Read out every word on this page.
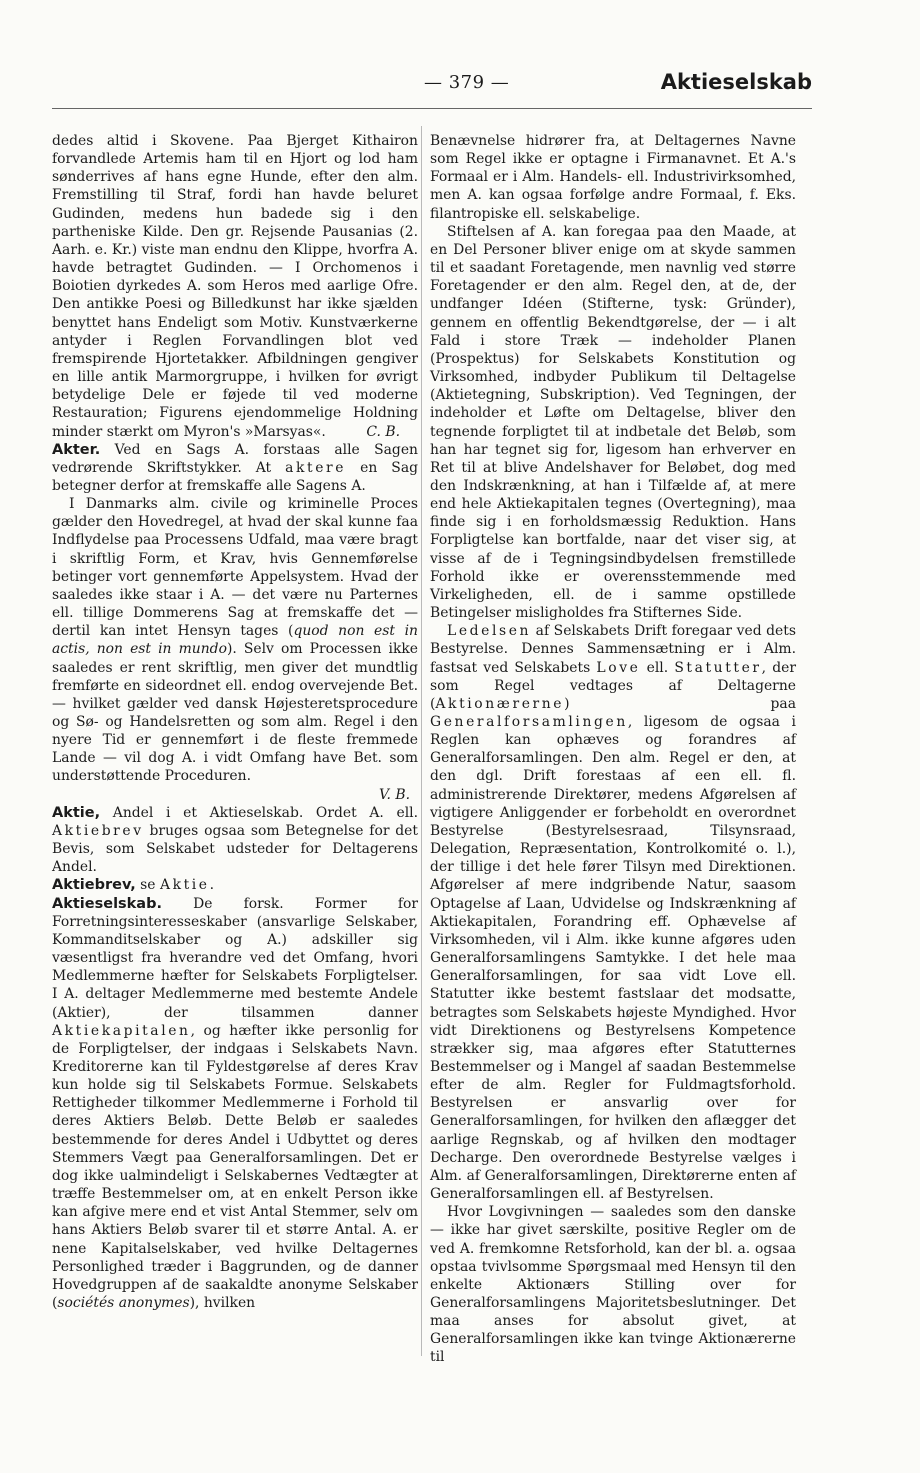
— 379 —	Aktieselskab

dedes altid i Skovene. Paa Bjerget Kithairon forvandlede Artemis ham til en Hjort og lod ham sønderrives af hans egne Hunde, efter den alm. Fremstilling til Straf, fordi han havde beluret Gudinden, medens hun badede sig i den partheniske Kilde. Den gr. Rejsende Pausanias (2. Aarh. e. Kr.) viste man endnu den Klippe, hvorfra A. havde betragtet Gudinden. — I Orchomenos i Boiotien dyrkedes A. som Heros med aarlige Ofre. Den antikke Poesi og Billedkunst har ikke sjælden benyttet hans Endeligt som Motiv. Kunstværkerne antyder i Reglen Forvandlingen blot ved fremspirende Hjortetakker. Afbildningen gengiver en lille antik Marmorgruppe, i hvilken for øvrigt betydelige Dele er føjede til ved moderne Restauration; Figurens ejendommelige Holdning minder stærkt om Myron's »Marsyas«.	C. B.

Akter. Ved en Sags A. forstaas alle Sagen vedrørende Skriftstykker. At aktere en Sag betegner derfor at fremskaffe alle Sagens A.

I Danmarks alm. civile og kriminelle Proces gælder den Hovedregel, at hvad der skal kunne faa Indflydelse paa Processens Udfald, maa være bragt i skriftlig Form, et Krav, hvis Gennemførelse betinger vort gennemførte Appelsystem. Hvad der saaledes ikke staar i A. — det være nu Parternes ell. tillige Dommerens Sag at fremskaffe det — dertil kan intet Hensyn tages (quod non est in actis, non est in mundo). Selv om Processen ikke saaledes er rent skriftlig, men giver det mundtlig fremførte en sideordnet ell. endog overvejende Bet. — hvilket gælder ved dansk Højesteretsprocedure og Sø- og Handelsretten og som alm. Regel i den nyere Tid er gennemført i de fleste fremmede Lande — vil dog A. i vidt Omfang have Bet. som understøttende Proceduren.

V. B.

Aktie, Andel i et Aktieselskab. Ordet A. ell. Aktiebrev bruges ogsaa som Betegnelse for det Bevis, som Selskabet udsteder for Deltagerens Andel.

Aktiebrev, se Aktie.

Aktieselskab. De forsk. Former for Forretningsinteresseskaber (ansvarlige Selskaber, Kommanditselskaber og A.) adskiller sig væsentligst fra hverandre ved det Omfang, hvori Medlemmerne hæfter for Selskabets Forpligtelser. I A. deltager Medlemmerne med bestemte Andele (Aktier), der tilsammen danner Aktiekapitalen, og hæfter ikke personlig for de Forpligtelser, der indgaas i Selskabets Navn. Kreditorerne kan til Fyldestgørelse af deres Krav kun holde sig til Selskabets Formue. Selskabets Rettigheder tilkommer Medlemmerne i Forhold til deres Aktiers Beløb. Dette Beløb er saaledes bestemmende for deres Andel i Udbyttet og deres Stemmers Vægt paa Generalforsamlingen. Det er dog ikke ualmindeligt i Selskabernes Vedtægter at træffe Bestemmelser om, at en enkelt Person ikke kan afgive mere end et vist Antal Stemmer, selv om hans Aktiers Beløb svarer til et større Antal. A. er nene Kapitalselskaber, ved hvilke Deltagernes Personlighed træder i Baggrunden, og de danner Hovedgruppen af de saakaldte anonyme Selskaber (sociétés anonymes), hvilken

Benævnelse hidrører fra, at Deltagernes Navne som Regel ikke er optagne i Firmanavnet. Et A.'s Formaal er i Alm. Handels- ell. Industrivirksomhed, men A. kan ogsaa forfølge andre Formaal, f. Eks. filantropiske ell. selskabelige.

Stiftelsen af A. kan foregaa paa den Maade, at en Del Personer bliver enige om at skyde sammen til et saadant Foretagende, men navnlig ved større Foretagender er den alm. Regel den, at de, der undfanger Idéen (Stifterne, tysk: Gründer), gennem en offentlig Bekendtgørelse, der — i alt Fald i store Træk — indeholder Planen (Prospektus) for Selskabets Konstitution og Virksomhed, indbyder Publikum til Deltagelse (Aktietegning, Subskription). Ved Tegningen, der indeholder et Løfte om Deltagelse, bliver den tegnende forpligtet til at indbetale det Beløb, som han har tegnet sig for, ligesom han erhverver en Ret til at blive Andelshaver for Beløbet, dog med den Indskrænkning, at han i Tilfælde af, at mere end hele Aktiekapitalen tegnes (Overtegning), maa finde sig i en forholdsmæssig Reduktion. Hans Forpligtelse kan bortfalde, naar det viser sig, at visse af de i Tegningsindbydelsen fremstillede Forhold ikke er overensstemmende med Virkeligheden, ell. de i samme opstillede Betingelser misligholdes fra Stifternes Side.

Ledelsen af Selskabets Drift foregaar ved dets Bestyrelse. Dennes Sammensætning er i Alm. fastsat ved Selskabets Love ell. Statutter, der som Regel vedtages af Deltagerne (Aktionærerne) paa Generalforsamlingen, ligesom de ogsaa i Reglen kan ophæves og forandres af Generalforsamlingen. Den alm. Regel er den, at den dgl. Drift forestaas af een ell. fl. administrerende Direktører, medens Afgørelsen af vigtigere Anliggender er forbeholdt en overordnet Bestyrelse (Bestyrelsesraad, Tilsynsraad, Delegation, Repræsentation, Kontrolkomité o. l.), der tillige i det hele fører Tilsyn med Direktionen. Afgørelser af mere indgribende Natur, saasom Optagelse af Laan, Udvidelse og Indskrænkning af Aktiekapitalen, Forandring eff. Ophævelse af Virksomheden, vil i Alm. ikke kunne afgøres uden Generalforsamlingens Samtykke. I det hele maa Generalforsamlingen, for saa vidt Love ell. Statutter ikke bestemt fastslaar det modsatte, betragtes som Selskabets højeste Myndighed. Hvor vidt Direktionens og Bestyrelsens Kompetence strækker sig, maa afgøres efter Statutternes Bestemmelser og i Mangel af saadan Bestemmelse efter de alm. Regler for Fuldmagtsforhold. Bestyrelsen er ansvarlig over for Generalforsamlingen, for hvilken den aflægger det aarlige Regnskab, og af hvilken den modtager Decharge. Den overordnede Bestyrelse vælges i Alm. af Generalforsamlingen, Direktørerne enten af Generalforsamlingen ell. af Bestyrelsen.

Hvor Lovgivningen — saaledes som den danske — ikke har givet særskilte, positive Regler om de ved A. fremkomne Retsforhold, kan der bl. a. ogsaa opstaa tvivlsomme Spørgsmaal med Hensyn til den enkelte Aktionærs Stilling over for Generalforsamlingens Majoritetsbeslutninger. Det maa anses for absolut givet, at Generalforsamlingen ikke kan tvinge Aktionærerne til
